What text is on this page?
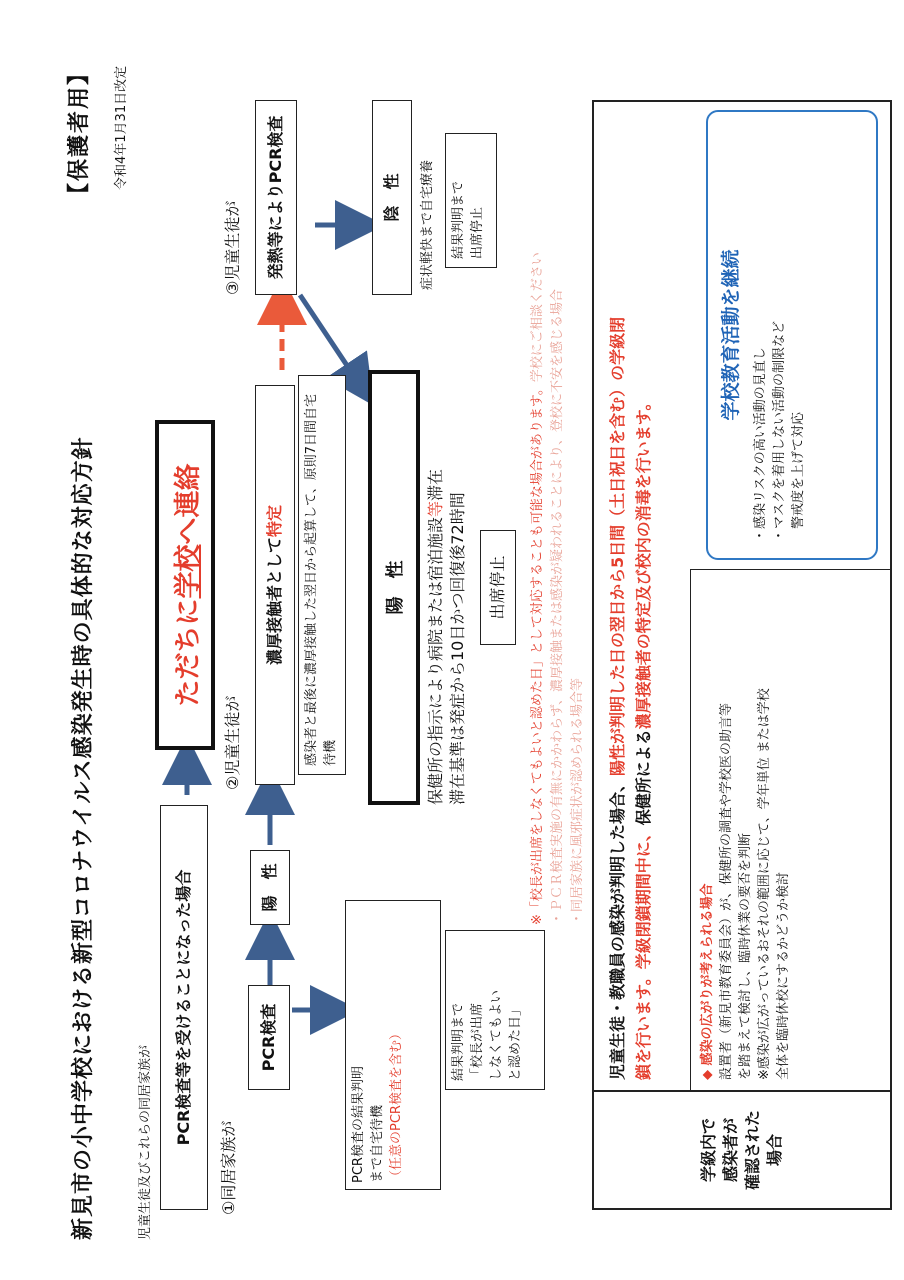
新見市の小中学校における新型コロナウイルス感染発生時の具体的な対応方針
【保護者用】	令和4年1月31日改定
児童生徒及びこれらの同居家族が	PCR検査等を受けることになった場合
ただちに
学校
へ連絡
①同居家族が
PCR検査
PCR検査の結果判明 まで自宅待機 （任意のPCR検査を含む）	結果判明まで 「校長が出席 しなくてもよい と認めた日」
陽　性
②児童生徒が
濃厚接触者として
特定	感染者と最後に濃厚接触した翌日から起算して、原則7日間自宅待機
陽　性	保健所の指示により病院または宿泊施設等滞在
滞在基準は発症から10日かつ回復後72時間	出席停止
③児童生徒が	発熱等によりPCR検査	陰　性	症状軽快まで自宅療養 結果判明まで 出席停止
※「校長が出席をしなくてもよいと認めた日」として対応することも可能な場合があります。学校にご相談ください ・ＰＣＲ検査実施の有無にかかわらず、濃厚接触または感染が疑われることにより、登校に不安を感じる場合 ・同居家族に風邪症状が認められる場合等
学級内で 感染者が 確認された 場合
児童生徒・教職員の感染が判明した場合、陽性が判明した日の翌日から5日間（土日祝日を含む）の学級閉
鎖を行います。学級閉鎖期間中に、保健所による濃厚接触者の特定及び校内の消毒を行います。
◆ 感染の広がりが考えられる場合 設置者（新見市教育委員会）が、保健所の調査や学校医の助言等 を踏まえて検討し、臨時休業の要否を判断 ※感染が広がっているおそれの範囲に応じて、学年単位 または学校 全体を臨時休校にするかどうか検討
学校教育活動を継続
・感染リスクの高い活動の見直し ・マスクを着用しない活動の制限など 　警戒度を上げて対応
